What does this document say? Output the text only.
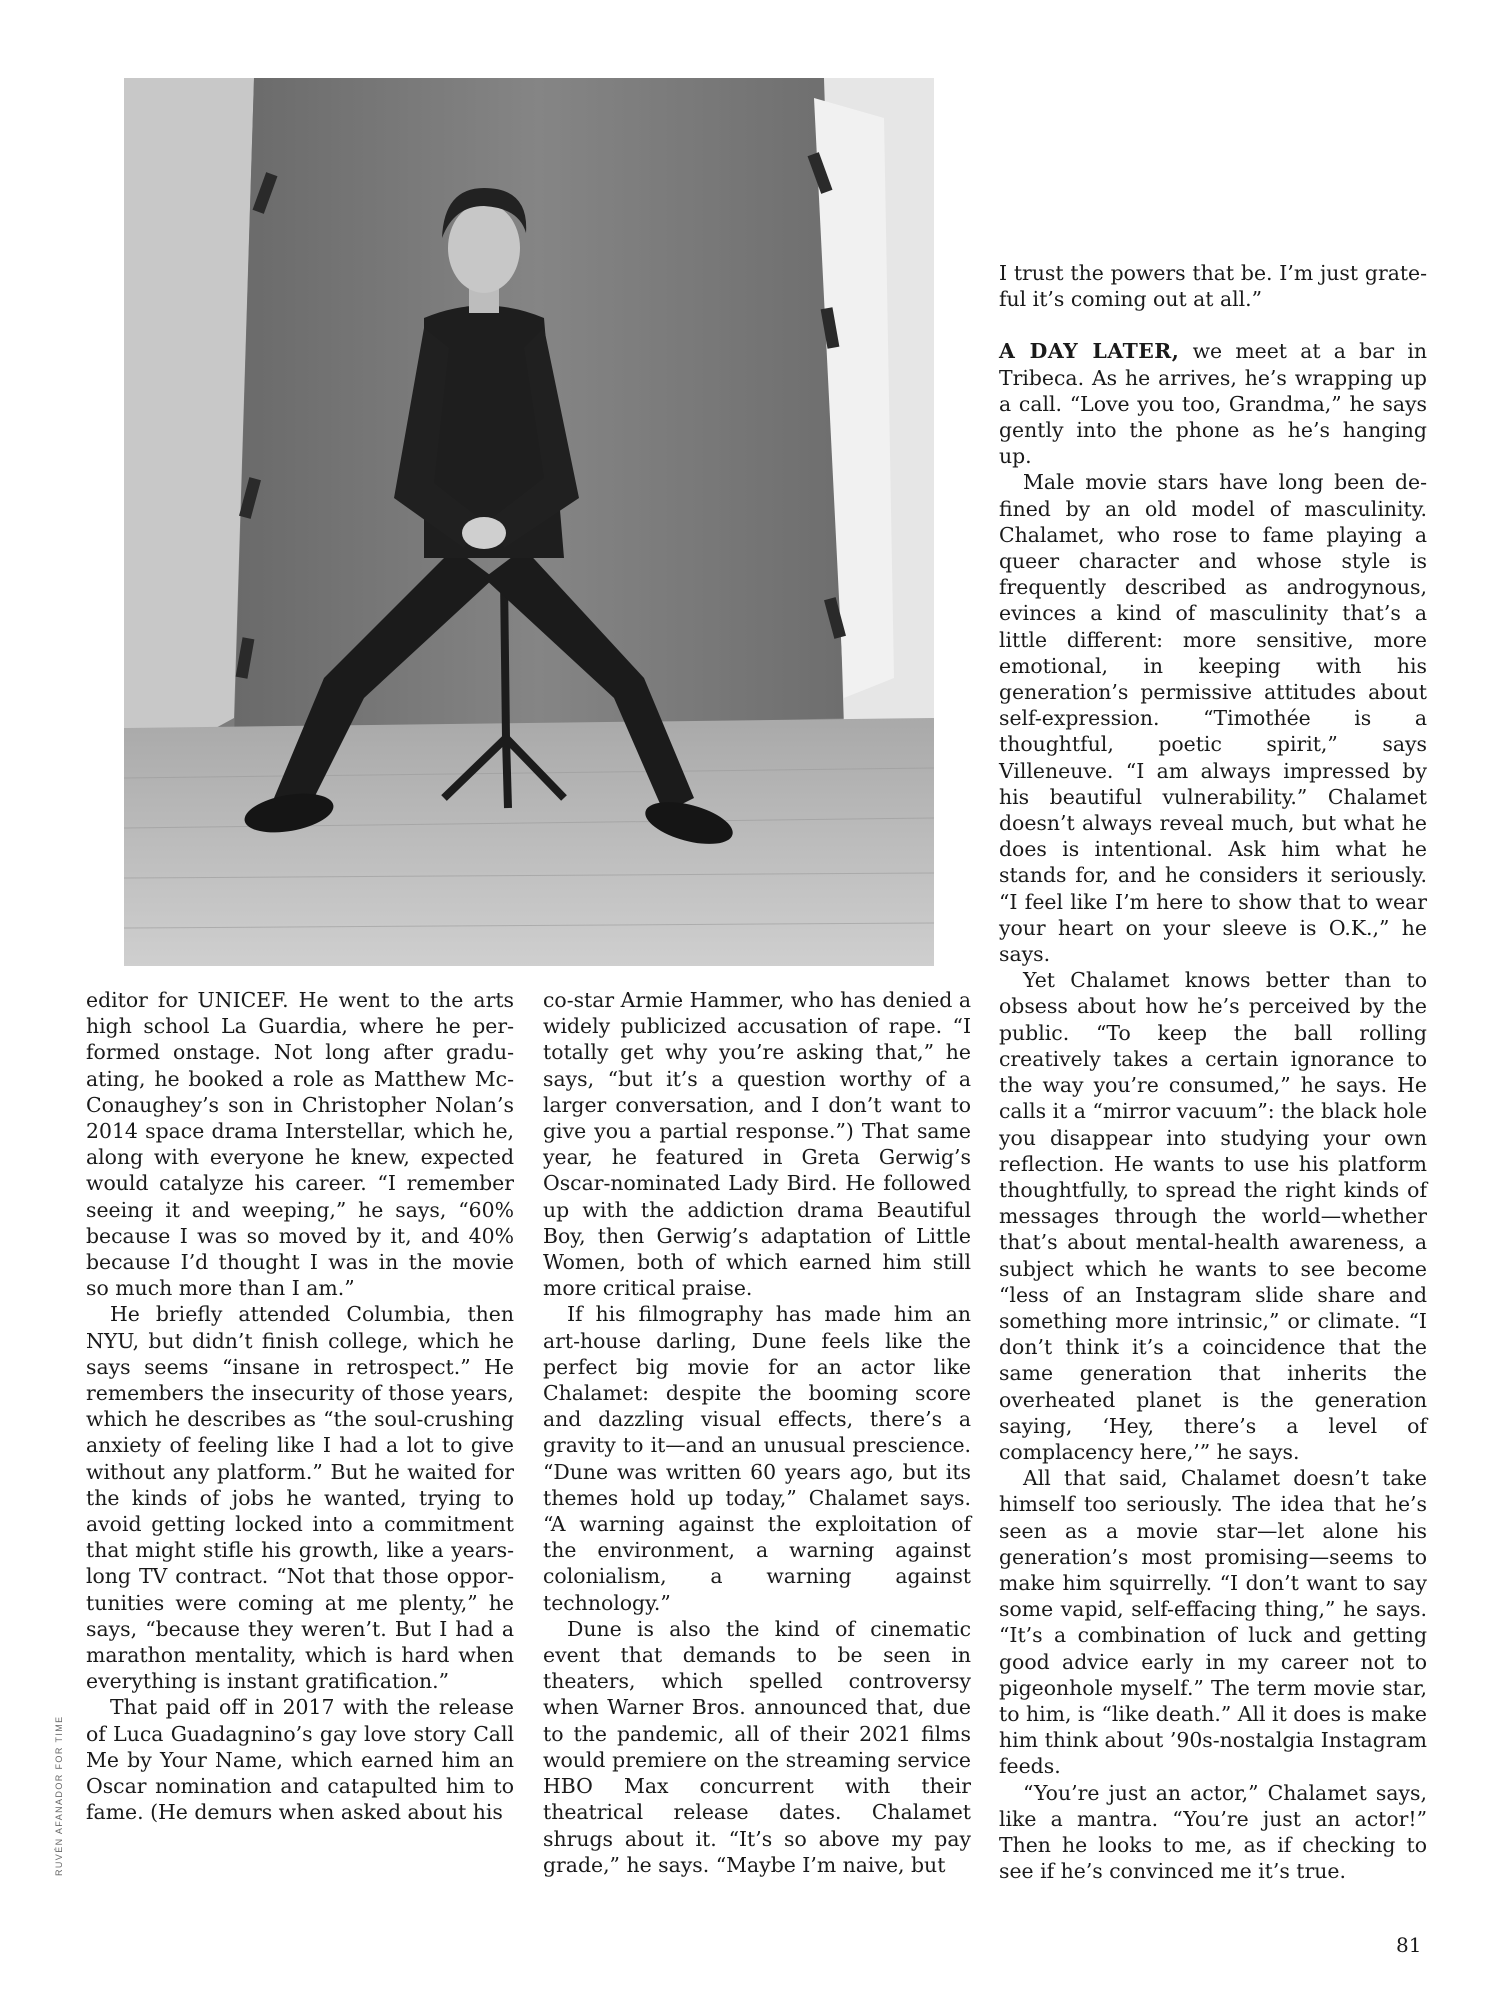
editor for UNICEF. He went to the arts high school La Guardia, where he performed onstage. Not long after graduating, he booked a role as Matthew McConaughey’s son in Christopher Nolan’s 2014 space drama Interstellar, which he, along with everyone he knew, expected would catalyze his career. “I remember seeing it and weeping,” he says, “60% because I was so moved by it, and 40% because I’d thought I was in the movie so much more than I am.”

He briefly attended Columbia, then NYU, but didn’t finish college, which he says seems “insane in retrospect.” He remembers the insecurity of those years, which he describes as “the soul-crushing anxiety of feeling like I had a lot to give without any platform.” But he waited for the kinds of jobs he wanted, trying to avoid getting locked into a commitment that might stifle his growth, like a years-long TV contract. “Not that those opportunities were coming at me plenty,” he says, “because they weren’t. But I had a marathon mentality, which is hard when everything is instant gratification.”

That paid off in 2017 with the release of Luca Guadagnino’s gay love story Call Me by Your Name, which earned him an Oscar nomination and catapulted him to fame. (He demurs when asked about his

co-star Armie Hammer, who has denied a widely publicized accusation of rape. “I totally get why you’re asking that,” he says, “but it’s a question worthy of a larger conversation, and I don’t want to give you a partial response.”) That same year, he featured in Greta Gerwig’s Oscar-nominated Lady Bird. He followed up with the addiction drama Beautiful Boy, then Gerwig’s adaptation of Little Women, both of which earned him still more critical praise.

If his filmography has made him an art-house darling, Dune feels like the perfect big movie for an actor like Chalamet: despite the booming score and dazzling visual effects, there’s a gravity to it—and an unusual prescience. “Dune was written 60 years ago, but its themes hold up today,” Chalamet says. “A warning against the exploitation of the environment, a warning against colonialism, a warning against technology.”

Dune is also the kind of cinematic event that demands to be seen in theaters, which spelled controversy when Warner Bros. announced that, due to the pandemic, all of their 2021 films would premiere on the streaming service HBO Max concurrent with their theatrical release dates. Chalamet shrugs about it. “It’s so above my pay grade,” he says. “Maybe I’m naive, but

I trust the powers that be. I’m just grateful it’s coming out at all.”

A DAY LATER, we meet at a bar in Tribeca. As he arrives, he’s wrapping up a call. “Love you too, Grandma,” he says gently into the phone as he’s hanging up.

Male movie stars have long been defined by an old model of masculinity. Chalamet, who rose to fame playing a queer character and whose style is frequently described as androgynous, evinces a kind of masculinity that’s a little different: more sensitive, more emotional, in keeping with his generation’s permissive attitudes about self-expression. “Timothée is a thoughtful, poetic spirit,” says Villeneuve. “I am always impressed by his beautiful vulnerability.” Chalamet doesn’t always reveal much, but what he does is intentional. Ask him what he stands for, and he considers it seriously. “I feel like I’m here to show that to wear your heart on your sleeve is O.K.,” he says.

Yet Chalamet knows better than to obsess about how he’s perceived by the public. “To keep the ball rolling creatively takes a certain ignorance to the way you’re consumed,” he says. He calls it a “mirror vacuum”: the black hole you disappear into studying your own reflection. He wants to use his platform thoughtfully, to spread the right kinds of messages through the world—whether that’s about mental-health awareness, a subject which he wants to see become “less of an Instagram slide share and something more intrinsic,” or climate. “I don’t think it’s a coincidence that the same generation that inherits the overheated planet is the generation saying, ‘Hey, there’s a level of complacency here,’” he says.

All that said, Chalamet doesn’t take himself too seriously. The idea that he’s seen as a movie star—let alone his generation’s most promising—seems to make him squirrelly. “I don’t want to say some vapid, self-effacing thing,” he says. “It’s a combination of luck and getting good advice early in my career not to pigeonhole myself.” The term movie star, to him, is “like death.” All it does is make him think about ’90s-nostalgia Instagram feeds.

“You’re just an actor,” Chalamet says, like a mantra. “You’re just an actor!” Then he looks to me, as if checking to see if he’s convinced me it’s true.

RUVÉN AFANADOR FOR TIME
81
